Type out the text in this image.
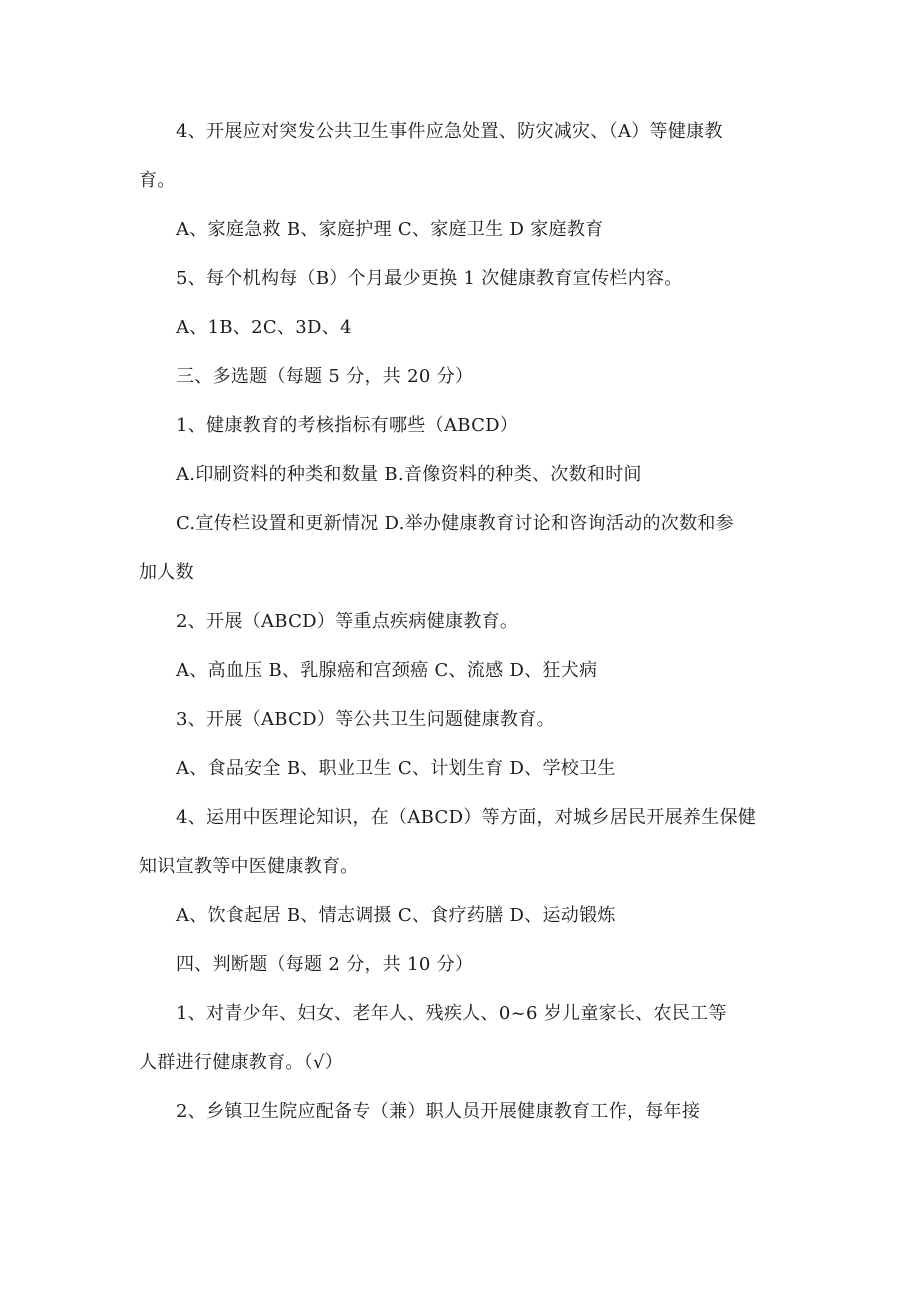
4、开展应对突发公共卫生事件应急处置、防灾减灾、（A）等健康教
育。
A、家庭急救 B、家庭护理 C、家庭卫生 D 家庭教育
5、每个机构每（B）个月最少更换 1 次健康教育宣传栏内容。
A、1B、2C、3D、4
三、多选题（每题 5 分，共 20 分）
1、健康教育的考核指标有哪些（ABCD）
A.印刷资料的种类和数量 B.音像资料的种类、次数和时间
C.宣传栏设置和更新情况 D.举办健康教育讨论和咨询活动的次数和参
加人数
2、开展（ABCD）等重点疾病健康教育。
A、高血压 B、乳腺癌和宫颈癌 C、流感 D、狂犬病
3、开展（ABCD）等公共卫生问题健康教育。
A、食品安全 B、职业卫生 C、计划生育 D、学校卫生
4、运用中医理论知识，在（ABCD）等方面，对城乡居民开展养生保健
知识宣教等中医健康教育。
A、饮食起居 B、情志调摄 C、食疗药膳 D、运动锻炼
四、判断题（每题 2 分，共 10 分）
1、对青少年、妇女、老年人、残疾人、0~6 岁儿童家长、农民工等
人群进行健康教育。（√）
2、乡镇卫生院应配备专（兼）职人员开展健康教育工作，每年接
